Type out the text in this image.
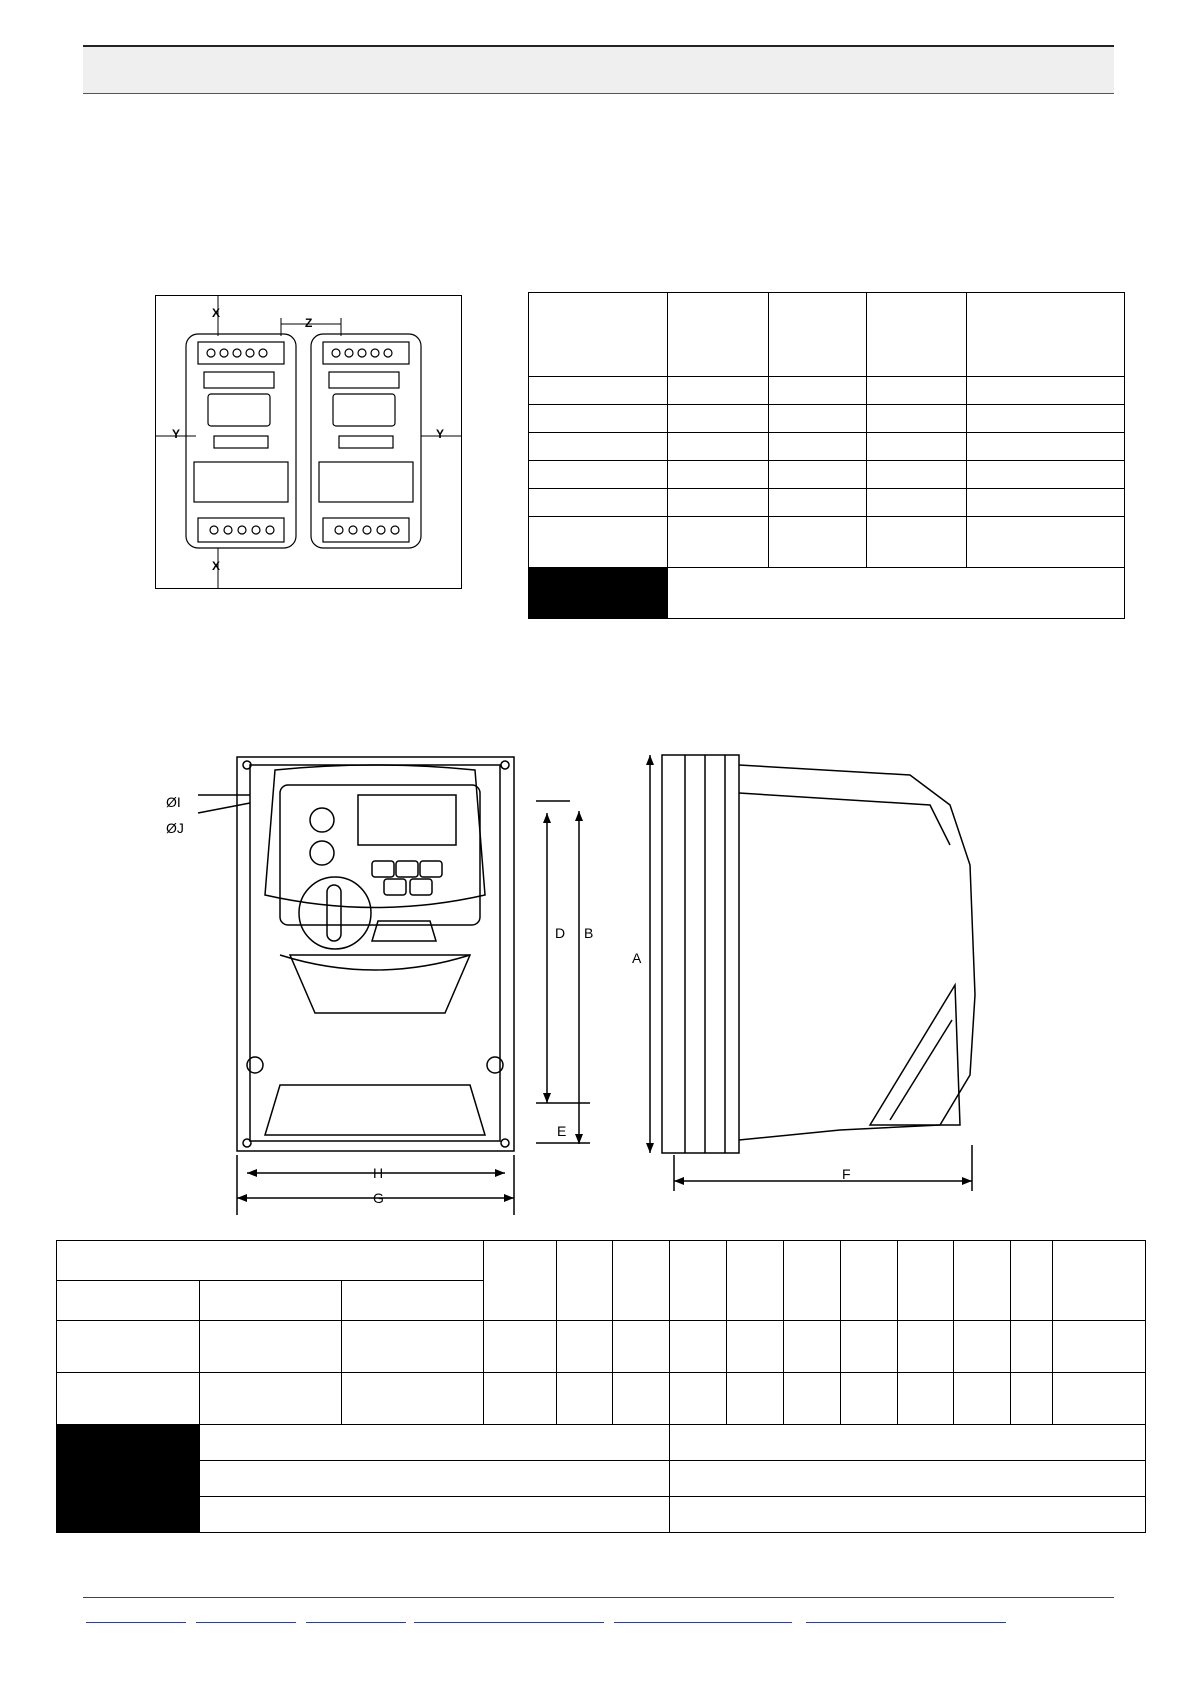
X
Z
Y	Y
X

A
B
D
E
F
G
H
ØI
ØJ
